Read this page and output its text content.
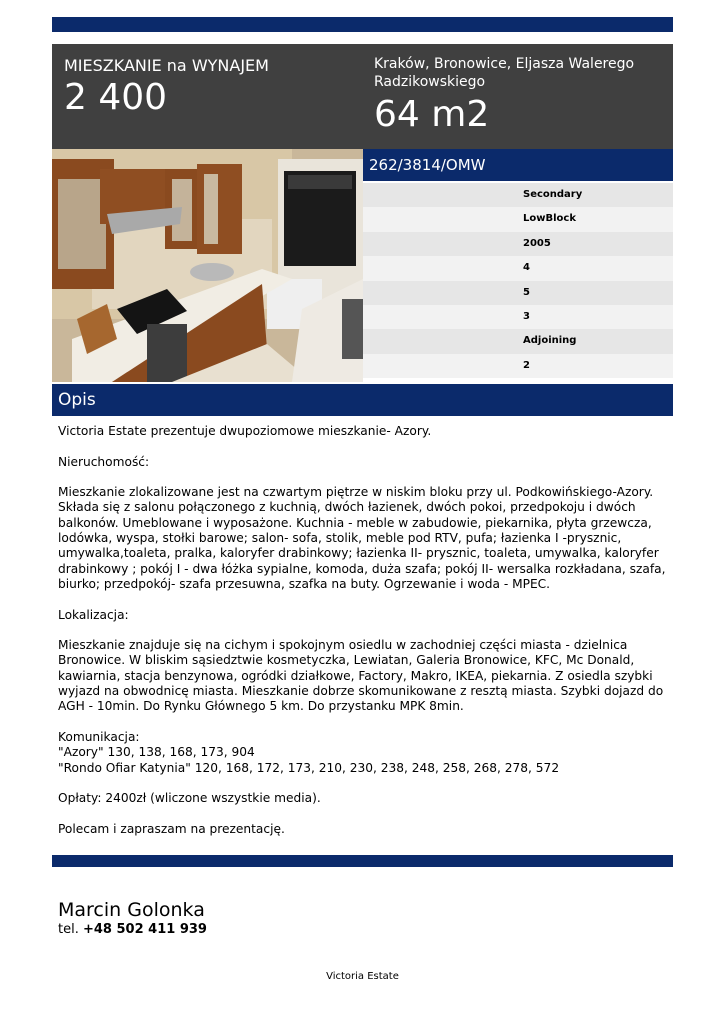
MIESZKANIE na WYNAJEM
2 400
Kraków, Bronowice, Eljasza Walerego Radzikowskiego
64 m2
262/3814/OMW
Secondary
LowBlock
2005
4
5
3
Adjoining
2
Opis

Victoria Estate prezentuje dwupoziomowe mieszkanie- Azory.

Nieruchomość:

Mieszkanie zlokalizowane jest na czwartym piętrze w niskim bloku przy ul. Podkowińskiego-Azory. Składa się z salonu połączonego z kuchnią, dwóch łazienek, dwóch pokoi, przedpokoju i dwóch balkonów. Umeblowane i wyposażone. Kuchnia - meble w zabudowie, piekarnika, płyta grzewcza, lodówka, wyspa, stołki barowe; salon- sofa, stolik, meble pod RTV, pufa; łazienka I -prysznic, umywalka,toaleta, pralka, kaloryfer drabinkowy; łazienka II- prysznic, toaleta, umywalka, kaloryfer drabinkowy ; pokój I - dwa łóżka sypialne, komoda, duża szafa; pokój II- wersalka rozkładana, szafa, biurko; przedpokój- szafa przesuwna, szafka na buty. Ogrzewanie i woda - MPEC.

Lokalizacja:

Mieszkanie znajduje się na cichym i spokojnym osiedlu w zachodniej części miasta - dzielnica Bronowice. W bliskim sąsiedztwie kosmetyczka, Lewiatan, Galeria Bronowice, KFC, Mc Donald, kawiarnia, stacja benzynowa, ogródki działkowe, Factory, Makro, IKEA, piekarnia. Z osiedla szybki wyjazd na obwodnicę miasta. Mieszkanie dobrze skomunikowane z resztą miasta. Szybki dojazd do AGH - 10min. Do Rynku Głównego 5 km. Do przystanku MPK 8min.

Komunikacja:
"Azory" 130, 138, 168, 173, 904
"Rondo Ofiar Katynia" 120, 168, 172, 173, 210, 230, 238, 248, 258, 268, 278, 572

Opłaty: 2400zł (wliczone wszystkie media).

Polecam i zapraszam na prezentację.

Marcin Golonka
tel. +48 502 411 939
Victoria Estate
